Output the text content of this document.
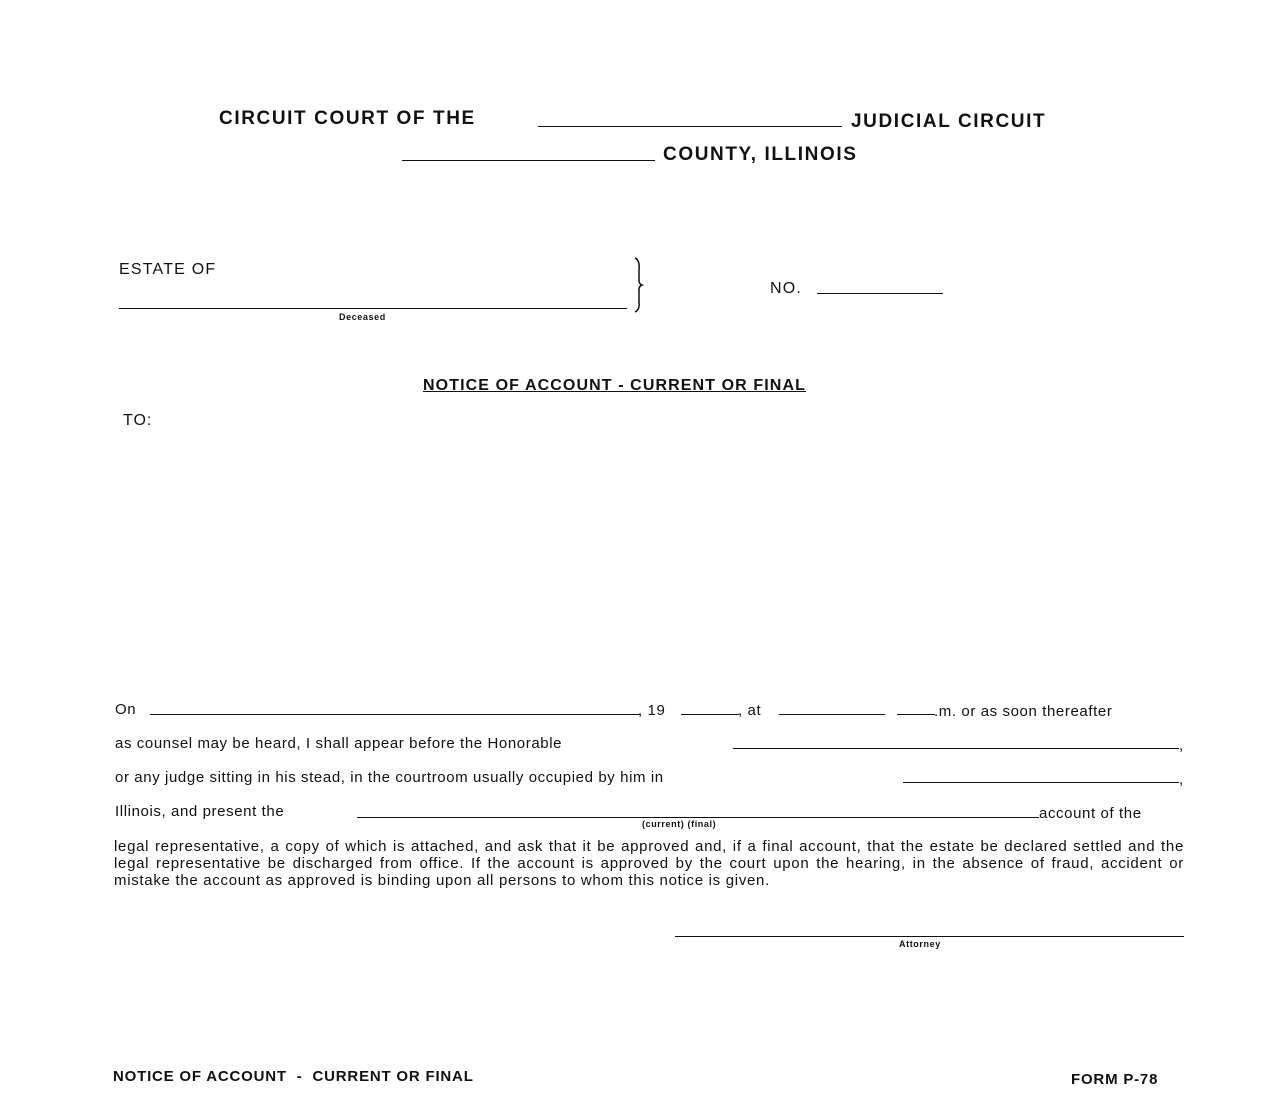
CIRCUIT COURT OF THE	JUDICIAL CIRCUIT
COUNTY, ILLINOIS
ESTATE OF
Deceased
NO.
NOTICE OF ACCOUNT - CURRENT OR FINAL
TO:
On	, 19	, at	.m. or as soon thereafter
as counsel may be heard, I shall appear before the Honorable	,
or any judge sitting in his stead, in the courtroom usually occupied by him in	,
Illinois, and present the
(current) (final)
account of the
legal representative, a copy of which is attached, and ask that it be approved and, if a final account, that the estate be declared settled and the legal representative be discharged from office. If the account is approved by the court upon the hearing, in the absence of fraud, accident or mistake the account as approved is binding upon all persons to whom this notice is given.
Attorney
NOTICE OF ACCOUNT  -  CURRENT OR FINAL	FORM P-78
